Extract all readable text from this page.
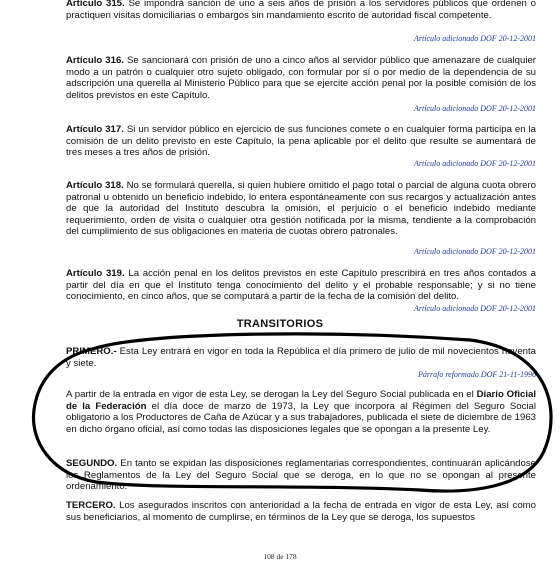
Artículo 315. Se impondrá sanción de uno a seis años de prisión a los servidores públicos que ordenen o practiquen visitas domiciliarias o embargos sin mandamiento escrito de autoridad fiscal competente.

Artículo adicionado DOF 20-12-2001

Artículo 316. Se sancionará con prisión de uno a cinco años al servidor público que amenazare de cualquier modo a un patrón o cualquier otro sujeto obligado, con formular por sí o por medio de la dependencia de su adscripción una querella al Ministerio Público para que se ejercite acción penal por la posible comisión de los delitos previstos en este Capítulo.

Artículo adicionado DOF 20-12-2001

Artículo 317. Si un servidor público en ejercicio de sus funciones comete o en cualquier forma participa en la comisión de un delito previsto en este Capítulo, la pena aplicable por el delito que resulte se aumentará de tres meses a tres años de prisión.

Artículo adicionado DOF 20-12-2001

Artículo 318. No se formulará querella, si quien hubiere omitido el pago total o parcial de alguna cuota obrero patronal u obtenido un beneficio indebido, lo entera espontáneamente con sus recargos y actualización antes de que la autoridad del Instituto descubra la omisión, el perjuicio o el beneficio indebido mediante requerimiento, orden de visita o cualquier otra gestión notificada por la misma, tendiente a la comprobación del cumplimiento de sus obligaciones en materia de cuotas obrero patronales.

Artículo adicionado DOF 20-12-2001

Artículo 319. La acción penal en los delitos previstos en este Capítulo prescribirá en tres años contados a partir del día en que el Instituto tenga conocimiento del delito y el probable responsable; y si no tiene conocimiento, en cinco años, que se computará a partir de la fecha de la comisión del delito.

Artículo adicionado DOF 20-12-2001

TRANSITORIOS

PRIMERO.- Esta Ley entrará en vigor en toda la República el día primero de julio de mil novecientos noventa y siete.

Párrafo reformado DOF 21-11-1996

A partir de la entrada en vigor de esta Ley, se derogan la Ley del Seguro Social publicada en el Diario Oficial de la Federación el día doce de marzo de 1973, la Ley que incorpora al Régimen del Seguro Social obligatorio a los Productores de Caña de Azúcar y a sus trabajadores, publicada el siete de diciembre de 1963 en dicho órgano oficial, así como todas las disposiciones legales que se opongan a la presente Ley.

SEGUNDO. En tanto se expidan las disposiciones reglamentarias correspondientes, continuarán aplicándose los Reglamentos de la Ley del Seguro Social que se deroga, en lo que no se opongan al presente ordenamiento.

TERCERO. Los asegurados inscritos con anterioridad a la fecha de entrada en vigor de esta Ley, así como sus beneficiarios, al momento de cumplirse, en términos de la Ley que se deroga, los supuestos

108 de 178
